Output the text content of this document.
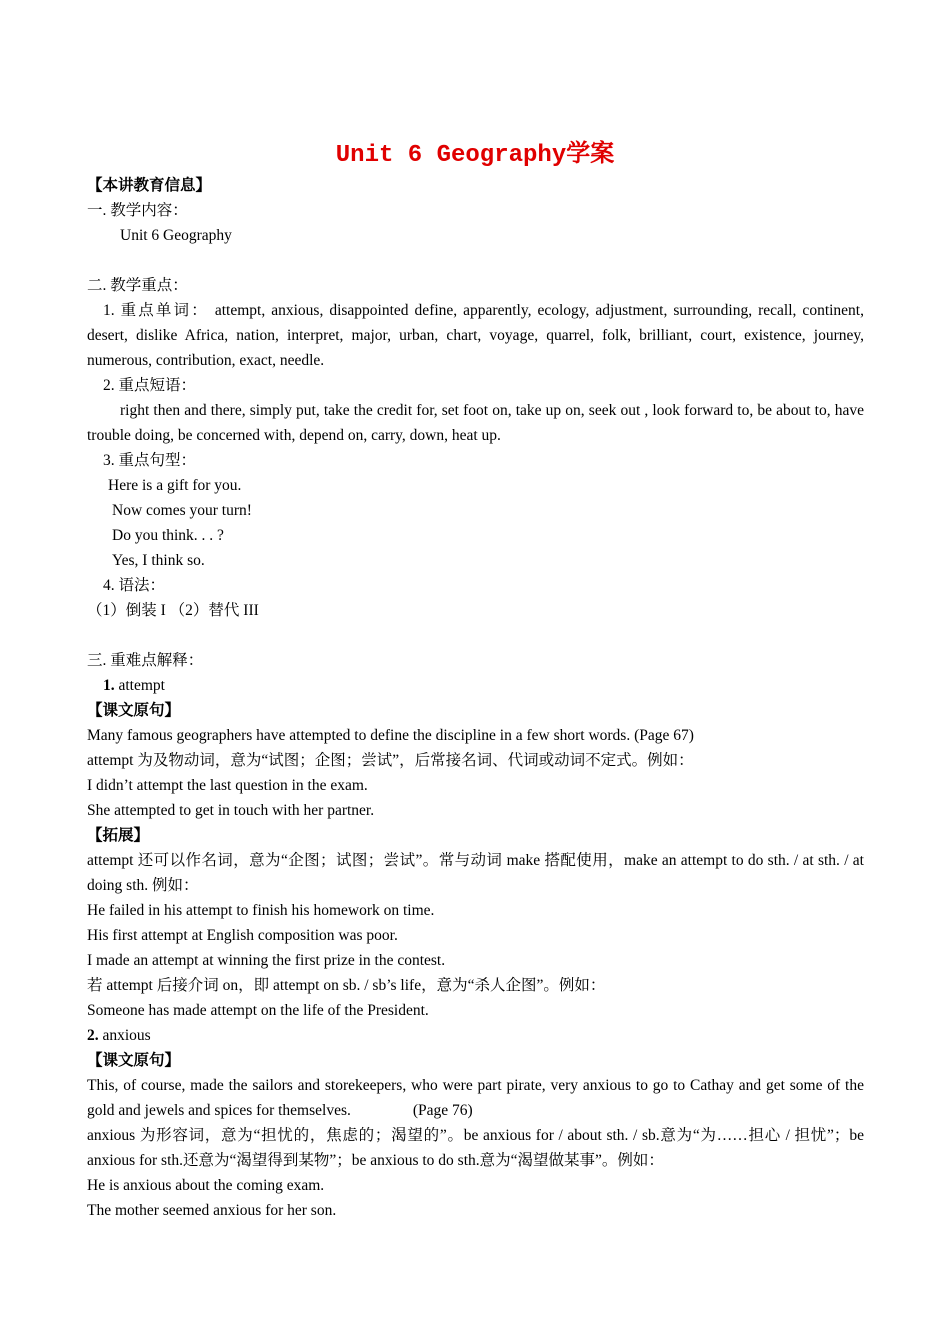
Unit 6 Geography学案
【本讲教育信息】
一. 教学内容：
Unit 6 Geography
二. 教学重点：
1. 重点单词： attempt, anxious, disappointed define, apparently, ecology, adjustment, surrounding, recall, continent, desert, dislike Africa, nation, interpret, major, urban, chart, voyage, quarrel, folk, brilliant, court, existence, journey, numerous, contribution, exact, needle.
2. 重点短语：
right then and there, simply put, take the credit for, set foot on, take up on, seek out , look forward to, be about to, have trouble doing, be concerned with, depend on, carry, down, heat up.
3. 重点句型：
Here is a gift for you.
Now comes your turn!
Do you think. . . ?
Yes, I think so.
4. 语法：
（1）倒装 I （2）替代 III
三. 重难点解释：
1. attempt
【课文原句】
Many famous geographers have attempted to define the discipline in a few short words. (Page 67)
attempt 为及物动词，意为“试图；企图；尝试”，后常接名词、代词或动词不定式。例如：
I didn’t attempt the last question in the exam.
She attempted to get in touch with her partner.
【拓展】
attempt 还可以作名词，意为“企图；试图；尝试”。常与动词 make 搭配使用，make an attempt to do sth. / at sth. / at doing sth. 例如：
He failed in his attempt to finish his homework on time.
His first attempt at English composition was poor.
I made an attempt at winning the first prize in the contest.
若 attempt 后接介词 on，即 attempt on sb. / sb’s life，意为“杀人企图”。例如：
Someone has made attempt on the life of the President.
2. anxious
【课文原句】
This, of course, made the sailors and storekeepers, who were part pirate, very anxious to go to Cathay and get some of the gold and jewels and spices for themselves.                (Page 76)
anxious 为形容词，意为“担忧的，焦虑的；渴望的”。be anxious for / about sth. / sb.意为“为……担心 / 担忧”；be anxious for sth.还意为“渴望得到某物”；be anxious to do sth.意为“渴望做某事”。例如：
He is anxious about the coming exam.
The mother seemed anxious for her son.
